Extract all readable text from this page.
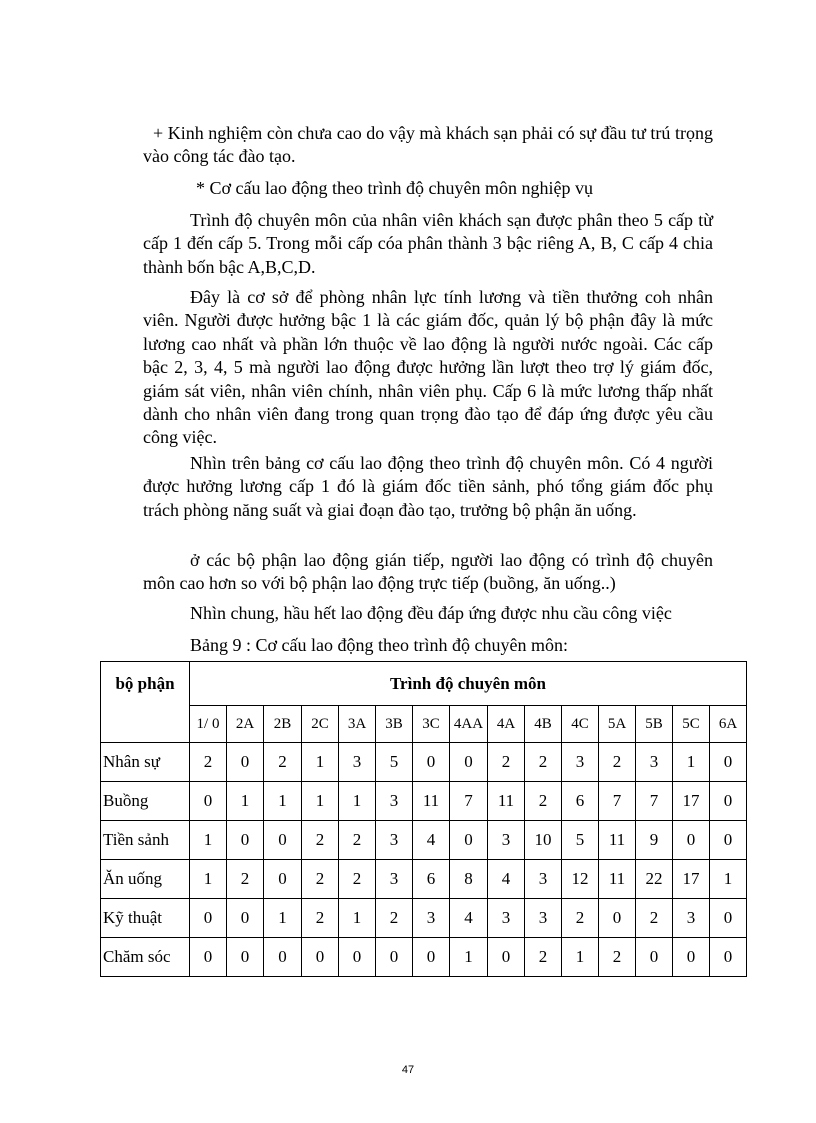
+ Kinh nghiệm còn chưa cao do vậy mà khách sạn phải có sự đầu tư trú trọng vào công tác đào tạo.

* Cơ cấu lao động theo trình độ chuyên môn nghiệp vụ

Trình độ chuyên môn của nhân viên khách sạn được phân theo 5 cấp từ cấp 1 đến cấp 5. Trong mỗi cấp cóa phân thành 3 bậc riêng A, B, C cấp 4 chia thành bốn bậc A,B,C,D.

Đây là cơ sở để phòng nhân lực tính lương và tiền thưởng coh nhân viên. Người được hưởng bậc 1 là các giám đốc, quản lý bộ phận đây là mức lương cao nhất và phần lớn thuộc về lao động là người nước ngoài. Các cấp bậc 2, 3, 4, 5 mà người lao động được hưởng lần lượt theo trợ lý giám đốc, giám sát viên, nhân viên chính, nhân viên phụ. Cấp 6 là mức lương thấp nhất dành cho nhân viên đang trong quan trọng đào tạo để đáp ứng được yêu cầu công việc.

Nhìn trên bảng cơ cấu lao động theo trình độ chuyên môn. Có 4 người được hưởng lương cấp 1 đó là giám đốc tiền sảnh, phó tổng giám đốc phụ trách phòng năng suất và giai đoạn đào tạo, trưởng bộ phận ăn uống.

ở các bộ phận lao động gián tiếp, người lao động có trình độ chuyên môn cao hơn so với bộ phận lao động trực tiếp (buồng, ăn uống..)

Nhìn chung, hầu hết lao động đều đáp ứng được nhu cầu công việc

Bảng 9 : Cơ cấu lao động theo trình độ chuyên môn:

bộ phận	Trình độ chuyên môn														
	1/ 0	2A	2B	2C	3A	3B	3C	4AA	4A	4B	4C	5A	5B	5C	6A
Nhân sự	2	0	2	1	3	5	0	0	2	2	3	2	3	1	0
Buồng	0	1	1	1	1	3	11	7	11	2	6	7	7	17	0
Tiền sảnh	1	0	0	2	2	3	4	0	3	10	5	11	9	0	0
Ăn uống	1	2	0	2	2	3	6	8	4	3	12	11	22	17	1
Kỹ thuật	0	0	1	2	1	2	3	4	3	3	2	0	2	3	0
Chăm sóc	0	0	0	0	0	0	0	1	0	2	1	2	0	0	0
47
